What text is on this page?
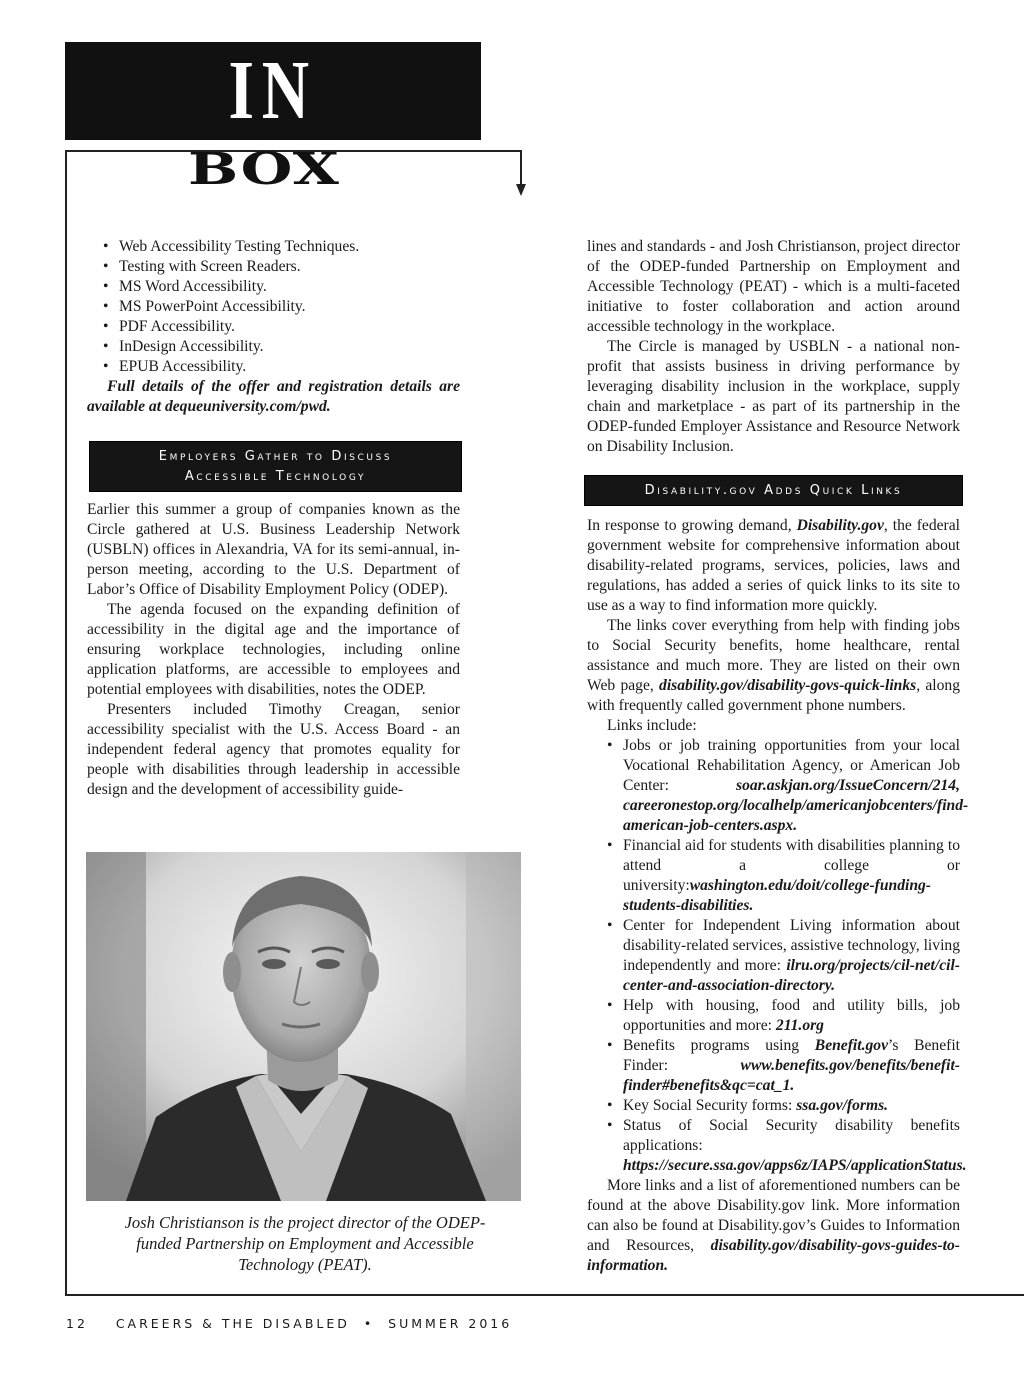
IN
BOX
• Web Accessibility Testing Techniques.
• Testing with Screen Readers.
• MS Word Accessibility.
• MS PowerPoint Accessibility.
• PDF Accessibility.
• InDesign Accessibility.
• EPUB Accessibility.

Full details of the offer and registration details are available at dequeuniversity.com/pwd.

Employers Gather to Discuss
Accessible Technology

Earlier this summer a group of companies known as the Circle gathered at U.S. Business Leadership Network (USBLN) offices in Alexandria, VA for its semi-annual, in-person meeting, according to the U.S. Department of Labor’s Office of Disability Employment Policy (ODEP).

The agenda focused on the expanding definition of accessibility in the digital age and the importance of ensuring workplace technologies, including online application platforms, are accessible to employees and potential employees with disabilities, notes the ODEP.

Presenters included Timothy Creagan, senior accessibility specialist with the U.S. Access Board - an independent federal agency that promotes equality for people with disabilities through leadership in accessible design and the development of accessibility guide-

Josh Christianson is the project director of the ODEP-funded Partnership on Employment and Accessible Technology (PEAT).

lines and standards - and Josh Christianson, project director of the ODEP-funded Partnership on Employment and Accessible Technology (PEAT) - which is a multi-faceted initiative to foster collaboration and action around accessible technology in the workplace.

The Circle is managed by USBLN - a national non-profit that assists business in driving performance by leveraging disability inclusion in the workplace, supply chain and marketplace - as part of its partnership in the ODEP-funded Employer Assistance and Resource Network on Disability Inclusion.

Disability.gov Adds Quick Links

In response to growing demand, Disability.gov, the federal government website for comprehensive information about disability-related programs, services, policies, laws and regulations, has added a series of quick links to its site to use as a way to find information more quickly.

The links cover everything from help with finding jobs to Social Security benefits, home healthcare, rental assistance and much more. They are listed on their own Web page, disability.gov/disability-govs-quick-links, along with frequently called government phone numbers.

Links include:

• Jobs or job training opportunities from your local Vocational Rehabilitation Agency, or American Job Center: soar.askjan.org/IssueConcern/214, careeronestop.org/localhelp/americanjobcenters/find-american-job-centers.aspx.
• Financial aid for students with disabilities planning to attend a college or university:washington.edu/doit/college-funding-students-disabilities.
• Center for Independent Living information about disability-related services, assistive technology, living independently and more: ilru.org/projects/cil-net/cil-center-and-association-directory.
• Help with housing, food and utility bills, job opportunities and more: 211.org
• Benefits programs using Benefit.gov’s Benefit Finder: www.benefits.gov/benefits/benefit-finder#benefits&qc=cat_1.
• Key Social Security forms: ssa.gov/forms.
• Status of Social Security disability benefits applications: https://secure.ssa.gov/apps6z/IAPS/applicationStatus.

More links and a list of aforementioned numbers can be found at the above Disability.gov link. More information can also be found at Disability.gov’s Guides to Information and Resources, disability.gov/disability-govs-guides-to-information.

12 CAREERS & THE DISABLED • SUMMER 2016
